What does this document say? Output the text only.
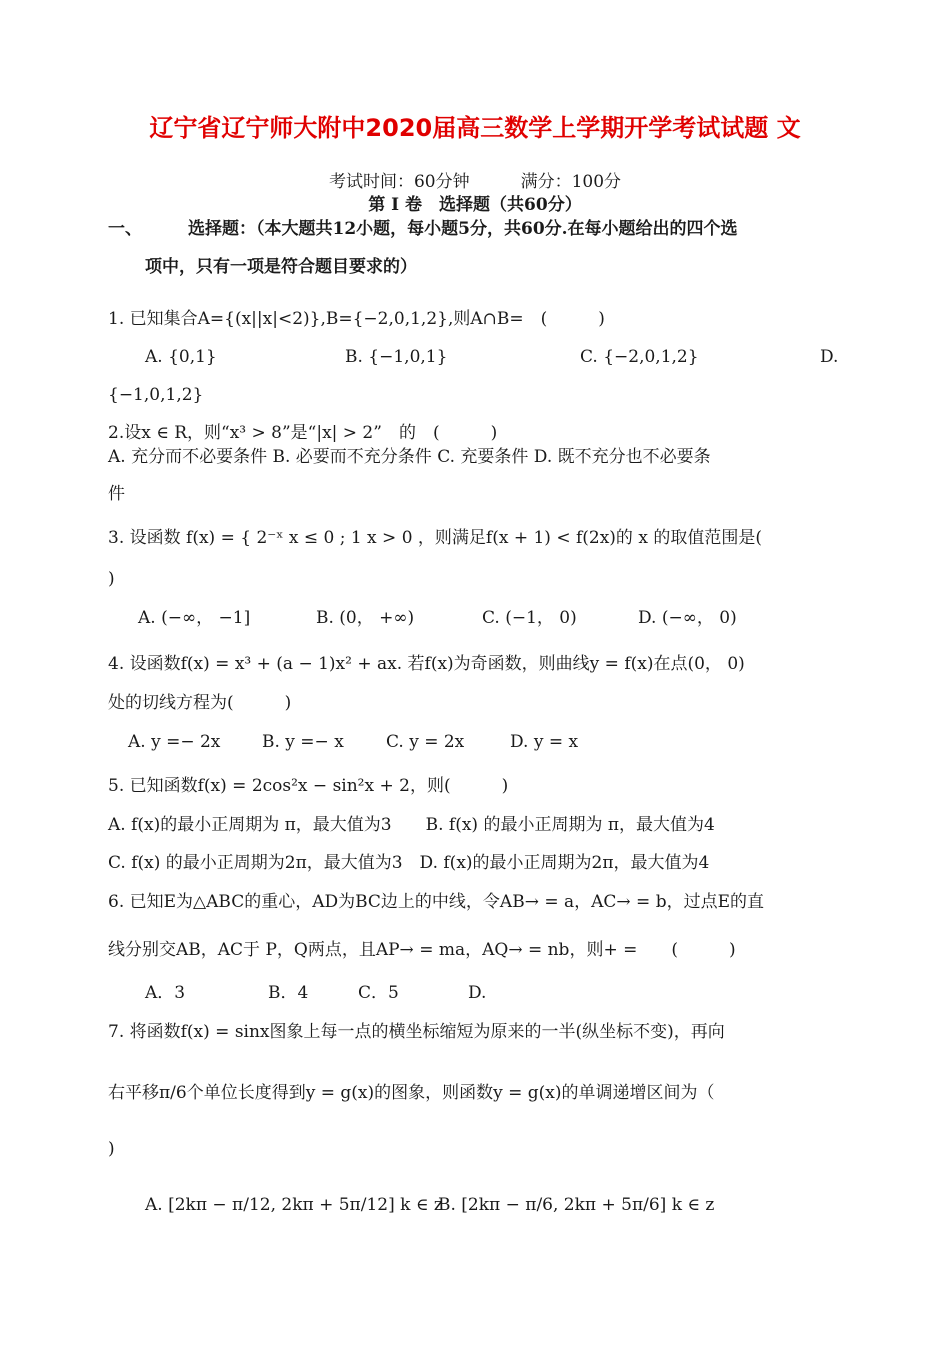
辽宁省辽宁师大附中2020届高三数学上学期开学考试试题 文
考试时间：60分钟　　　满分：100分
第 I 卷　选择题（共60分）
一、	选择题：（本大题共12小题，每小题5分，共60分.在每小题给出的四个选
项中，只有一项是符合题目要求的）
1. 已知集合A={(x||x|<2)},B={−2,0,1,2},则A∩B=　(　　　)
A. {0,1}	B. {−1,0,1}	C. {−2,0,1,2}	D.
{−1,0,1,2}
2.设x ∈ R，则“x³ > 8”是“|x| > 2”　的　(　　　)
A. 充分而不必要条件 B. 必要而不充分条件 C. 充要条件 D. 既不充分也不必要条
件
3. 设函数 f(x) = { 2⁻ˣ x ≤ 0 ; 1 x > 0 ，则满足f(x + 1) < f(2x)的 x 的取值范围是(
)
A. (−∞， −1]	B. (0， +∞)	C. (−1， 0)	D. (−∞， 0)
4. 设函数f(x) = x³ + (a − 1)x² + ax. 若f(x)为奇函数，则曲线y = f(x)在点(0， 0)
处的切线方程为(　　　)
A. y =− 2x B. y =− x C. y = 2x	D. y = x
5. 已知函数f(x) = 2cos²x − sin²x + 2，则(　　　)
A. f(x)的最小正周期为 π，最大值为3　　B. f(x) 的最小正周期为 π，最大值为4
C. f(x) 的最小正周期为2π，最大值为3　D. f(x)的最小正周期为2π，最大值为4
6. 已知E为△ABC的重心，AD为BC边上的中线，令AB→ = a，AC→ = b，过点E的直
线分别交AB，AC于 P，Q两点，且AP→ = ma，AQ→ = nb，则+ =　　(　　　)
A．3	B．4	C．5	D.
7. 将函数f(x) = sinx图象上每一点的横坐标缩短为原来的一半(纵坐标不变)，再向
右平移π/6个单位长度得到y = g(x)的图象，则函数y = g(x)的单调递增区间为（
)
A. [2kπ − π/12, 2kπ + 5π/12] k ∈ z
B. [2kπ − π/6, 2kπ + 5π/6] k ∈ z
